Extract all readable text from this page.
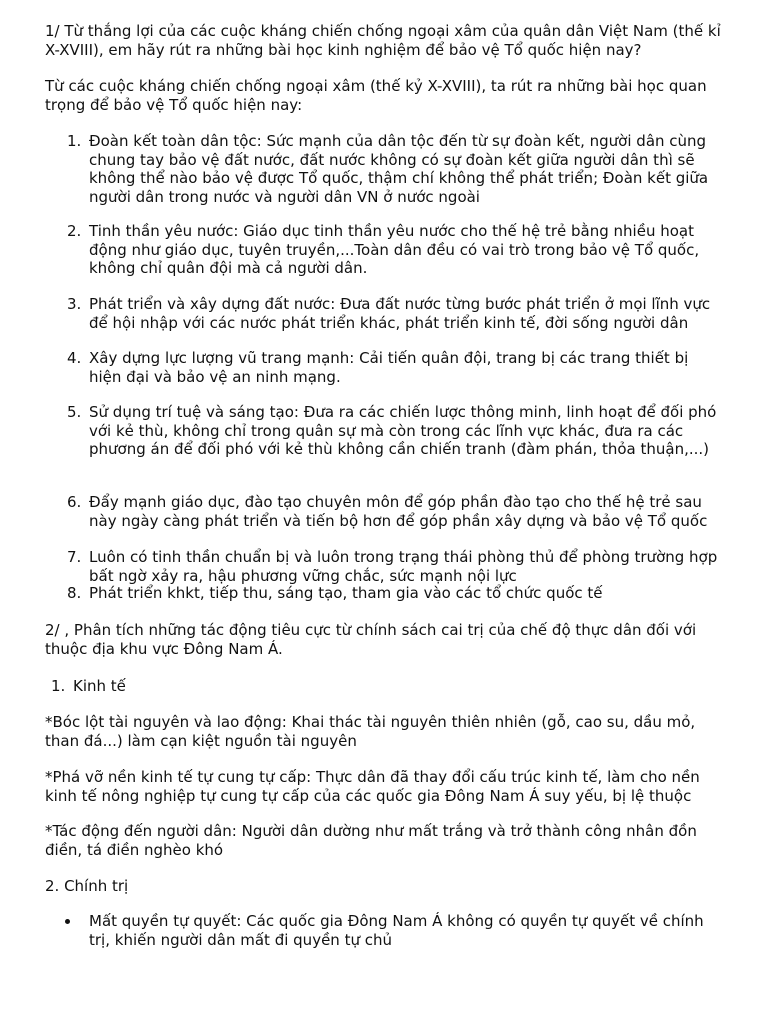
1/ Từ thắng lợi của các cuộc kháng chiến chống ngoại xâm của quân dân Việt Nam (thế kỉ X-XVIII), em hãy rút ra những bài học kinh nghiệm để bảo vệ Tổ quốc hiện nay?

Từ các cuộc kháng chiến chống ngoại xâm (thế kỷ X-XVIII), ta rút ra những bài học quan trọng để bảo vệ Tổ quốc hiện nay:

1. Đoàn kết toàn dân tộc: Sức mạnh của dân tộc đến từ sự đoàn kết, người dân cùng chung tay bảo vệ đất nước, đất nước không có sự đoàn kết giữa người dân thì sẽ không thể nào bảo vệ được Tổ quốc, thậm chí không thể phát triển; Đoàn kết giữa người dân trong nước và người dân VN ở nước ngoài
2. Tinh thần yêu nước: Giáo dục tinh thần yêu nước cho thế hệ trẻ bằng nhiều hoạt động như giáo dục, tuyên truyền,...Toàn dân đều có vai trò trong bảo vệ Tổ quốc, không chỉ quân đội mà cả người dân.
3. Phát triển và xây dựng đất nước: Đưa đất nước từng bước phát triển ở mọi lĩnh vực để hội nhập với các nước phát triển khác, phát triển kinh tế, đời sống người dân
4. Xây dựng lực lượng vũ trang mạnh: Cải tiến quân đội, trang bị các trang thiết bị hiện đại và bảo vệ an ninh mạng.
5. Sử dụng trí tuệ và sáng tạo: Đưa ra các chiến lược thông minh, linh hoạt để đối phó với kẻ thù, không chỉ trong quân sự mà còn trong các lĩnh vực khác, đưa ra các phương án để đối phó với kẻ thù không cần chiến tranh (đàm phán, thỏa thuận,...)
6. Đẩy mạnh giáo dục, đào tạo chuyên môn để góp phần đào tạo cho thế hệ trẻ sau này ngày càng phát triển và tiến bộ hơn để góp phần xây dựng và bảo vệ Tổ quốc
7. Luôn có tinh thần chuẩn bị và luôn trong trạng thái phòng thủ để phòng trường hợp bất ngờ xảy ra, hậu phương vững chắc, sức mạnh nội lực
8. Phát triển khkt, tiếp thu, sáng tạo, tham gia vào các tổ chức quốc tế

2/ , Phân tích những tác động tiêu cực từ chính sách cai trị của chế độ thực dân đối với thuộc địa khu vực Đông Nam Á.

1. Kinh tế

*Bóc lột tài nguyên và lao động: Khai thác tài nguyên thiên nhiên (gỗ, cao su, dầu mỏ, than đá...) làm cạn kiệt nguồn tài nguyên

*Phá vỡ nền kinh tế tự cung tự cấp: Thực dân đã thay đổi cấu trúc kinh tế, làm cho nền kinh tế nông nghiệp tự cung tự cấp của các quốc gia Đông Nam Á suy yếu, bị lệ thuộc

*Tác động đến người dân: Người dân dường như mất trắng và trở thành công nhân đồn điền, tá điền nghèo khó

2. Chính trị

Mất quyền tự quyết: Các quốc gia Đông Nam Á không có quyền tự quyết về chính trị, khiến người dân mất đi quyền tự chủ
